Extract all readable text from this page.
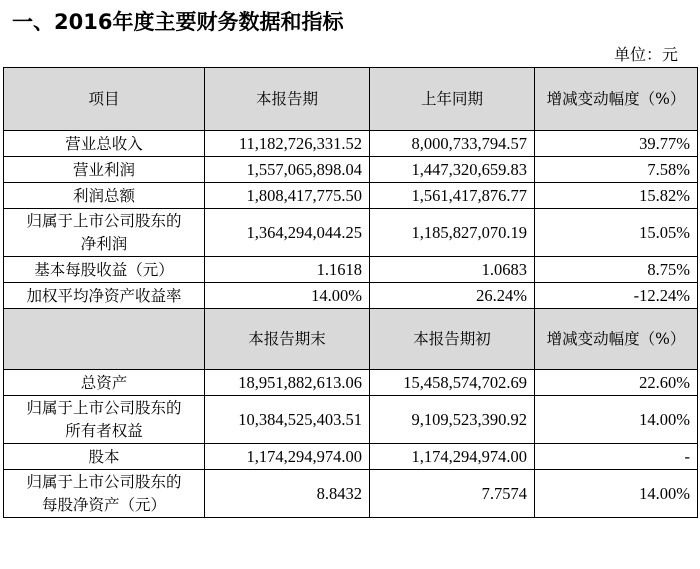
一、2016年度主要财务数据和指标
单位：元
项目	本报告期	上年同期	增减变动幅度（%）
营业总收入	11,182,726,331.52	8,000,733,794.57	39.77%
营业利润	1,557,065,898.04	1,447,320,659.83	7.58%
利润总额	1,808,417,775.50	1,561,417,876.77	15.82%
归属于上市公司股东的
净利润	1,364,294,044.25	1,185,827,070.19	15.05%
基本每股收益（元）	1.1618	1.0683	8.75%
加权平均净资产收益率	14.00%	26.24%	-12.24%
	本报告期末	本报告期初	增减变动幅度（%）
总资产	18,951,882,613.06	15,458,574,702.69	22.60%
归属于上市公司股东的
所有者权益	10,384,525,403.51	9,109,523,390.92	14.00%
股本	1,174,294,974.00	1,174,294,974.00	-
归属于上市公司股东的
每股净资产（元）	8.8432	7.7574	14.00%
